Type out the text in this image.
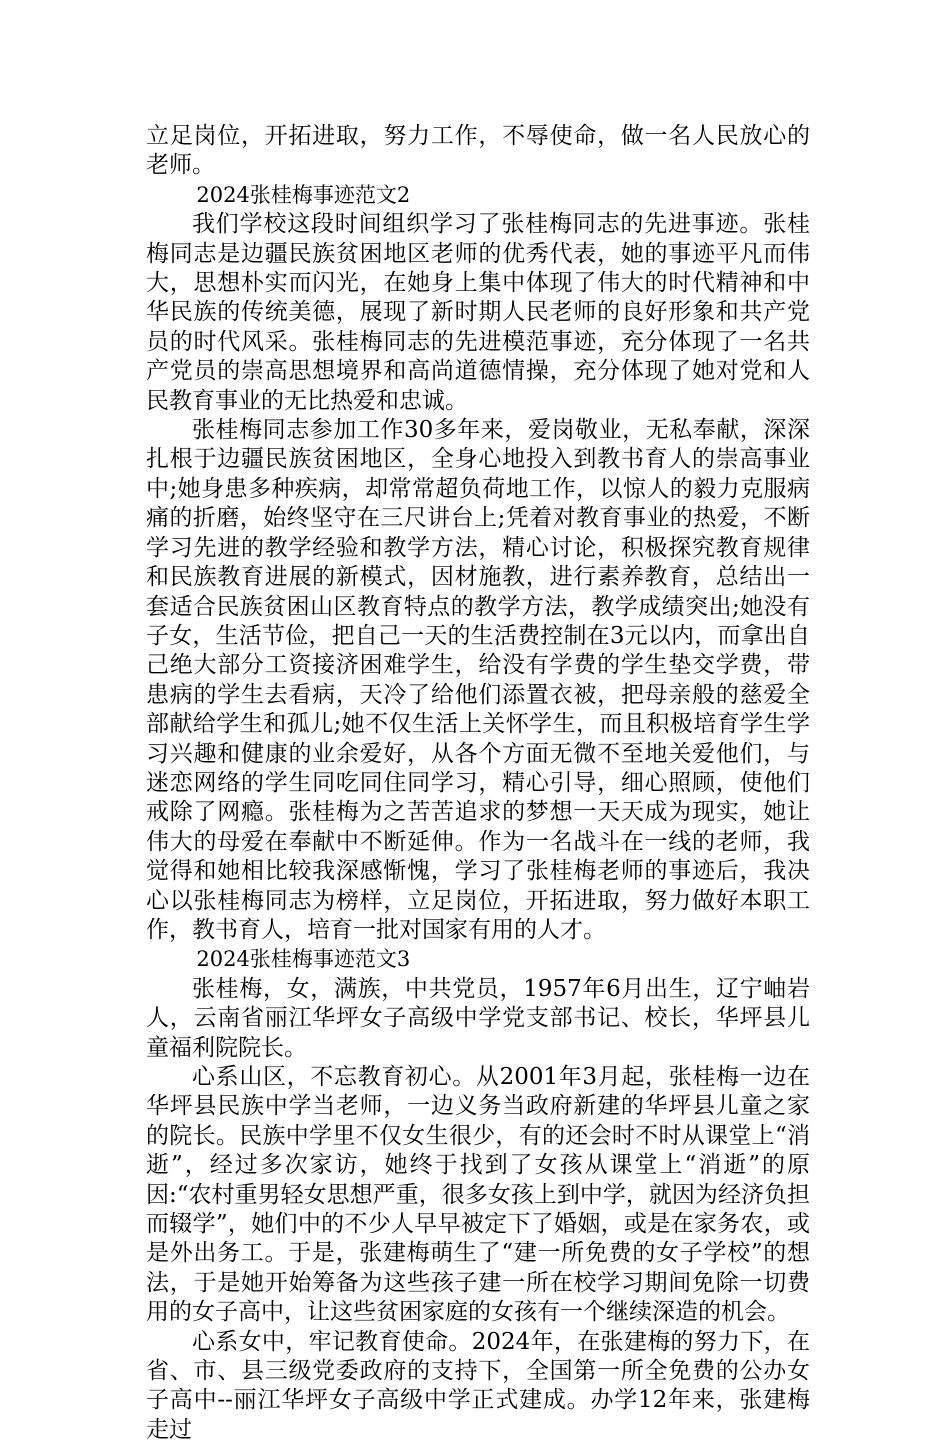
立足岗位，开拓进取，努力工作，不辱使命，做一名人民放心的老师。

2024张桂梅事迹范文2

我们学校这段时间组织学习了张桂梅同志的先进事迹。张桂梅同志是边疆民族贫困地区老师的优秀代表，她的事迹平凡而伟大，思想朴实而闪光，在她身上集中体现了伟大的时代精神和中华民族的传统美德，展现了新时期人民老师的良好形象和共产党员的时代风采。张桂梅同志的先进模范事迹，充分体现了一名共产党员的崇高思想境界和高尚道德情操，充分体现了她对党和人民教育事业的无比热爱和忠诚。

张桂梅同志参加工作30多年来，爱岗敬业，无私奉献，深深扎根于边疆民族贫困地区，全身心地投入到教书育人的崇高事业中;她身患多种疾病，却常常超负荷地工作，以惊人的毅力克服病痛的折磨，始终坚守在三尺讲台上;凭着对教育事业的热爱，不断学习先进的教学经验和教学方法，精心讨论，积极探究教育规律和民族教育进展的新模式，因材施教，进行素养教育，总结出一套适合民族贫困山区教育特点的教学方法，教学成绩突出;她没有子女，生活节俭，把自己一天的生活费控制在3元以内，而拿出自己绝大部分工资接济困难学生，给没有学费的学生垫交学费，带患病的学生去看病，天冷了给他们添置衣被，把母亲般的慈爱全部献给学生和孤儿;她不仅生活上关怀学生，而且积极培育学生学习兴趣和健康的业余爱好，从各个方面无微不至地关爱他们，与迷恋网络的学生同吃同住同学习，精心引导，细心照顾，使他们戒除了网瘾。张桂梅为之苦苦追求的梦想一天天成为现实，她让伟大的母爱在奉献中不断延伸。作为一名战斗在一线的老师，我觉得和她相比较我深感惭愧，学习了张桂梅老师的事迹后，我决心以张桂梅同志为榜样，立足岗位，开拓进取，努力做好本职工作，教书育人，培育一批对国家有用的人才。

2024张桂梅事迹范文3

张桂梅，女，满族，中共党员，1957年6月出生，辽宁岫岩人，云南省丽江华坪女子高级中学党支部书记、校长，华坪县儿童福利院院长。

心系山区，不忘教育初心。从2001年3月起，张桂梅一边在华坪县民族中学当老师，一边义务当政府新建的华坪县儿童之家的院长。民族中学里不仅女生很少，有的还会时不时从课堂上“消逝”，经过多次家访，她终于找到了女孩从课堂上“消逝”的原因:“农村重男轻女思想严重，很多女孩上到中学，就因为经济负担而辍学”，她们中的不少人早早被定下了婚姻，或是在家务农，或是外出务工。于是，张建梅萌生了“建一所免费的女子学校”的想法，于是她开始筹备为这些孩子建一所在校学习期间免除一切费用的女子高中，让这些贫困家庭的女孩有一个继续深造的机会。

心系女中，牢记教育使命。2024年，在张建梅的努力下，在省、市、县三级党委政府的支持下，全国第一所全免费的公办女子高中--丽江华坪女子高级中学正式建成。办学12年来，张建梅走过
